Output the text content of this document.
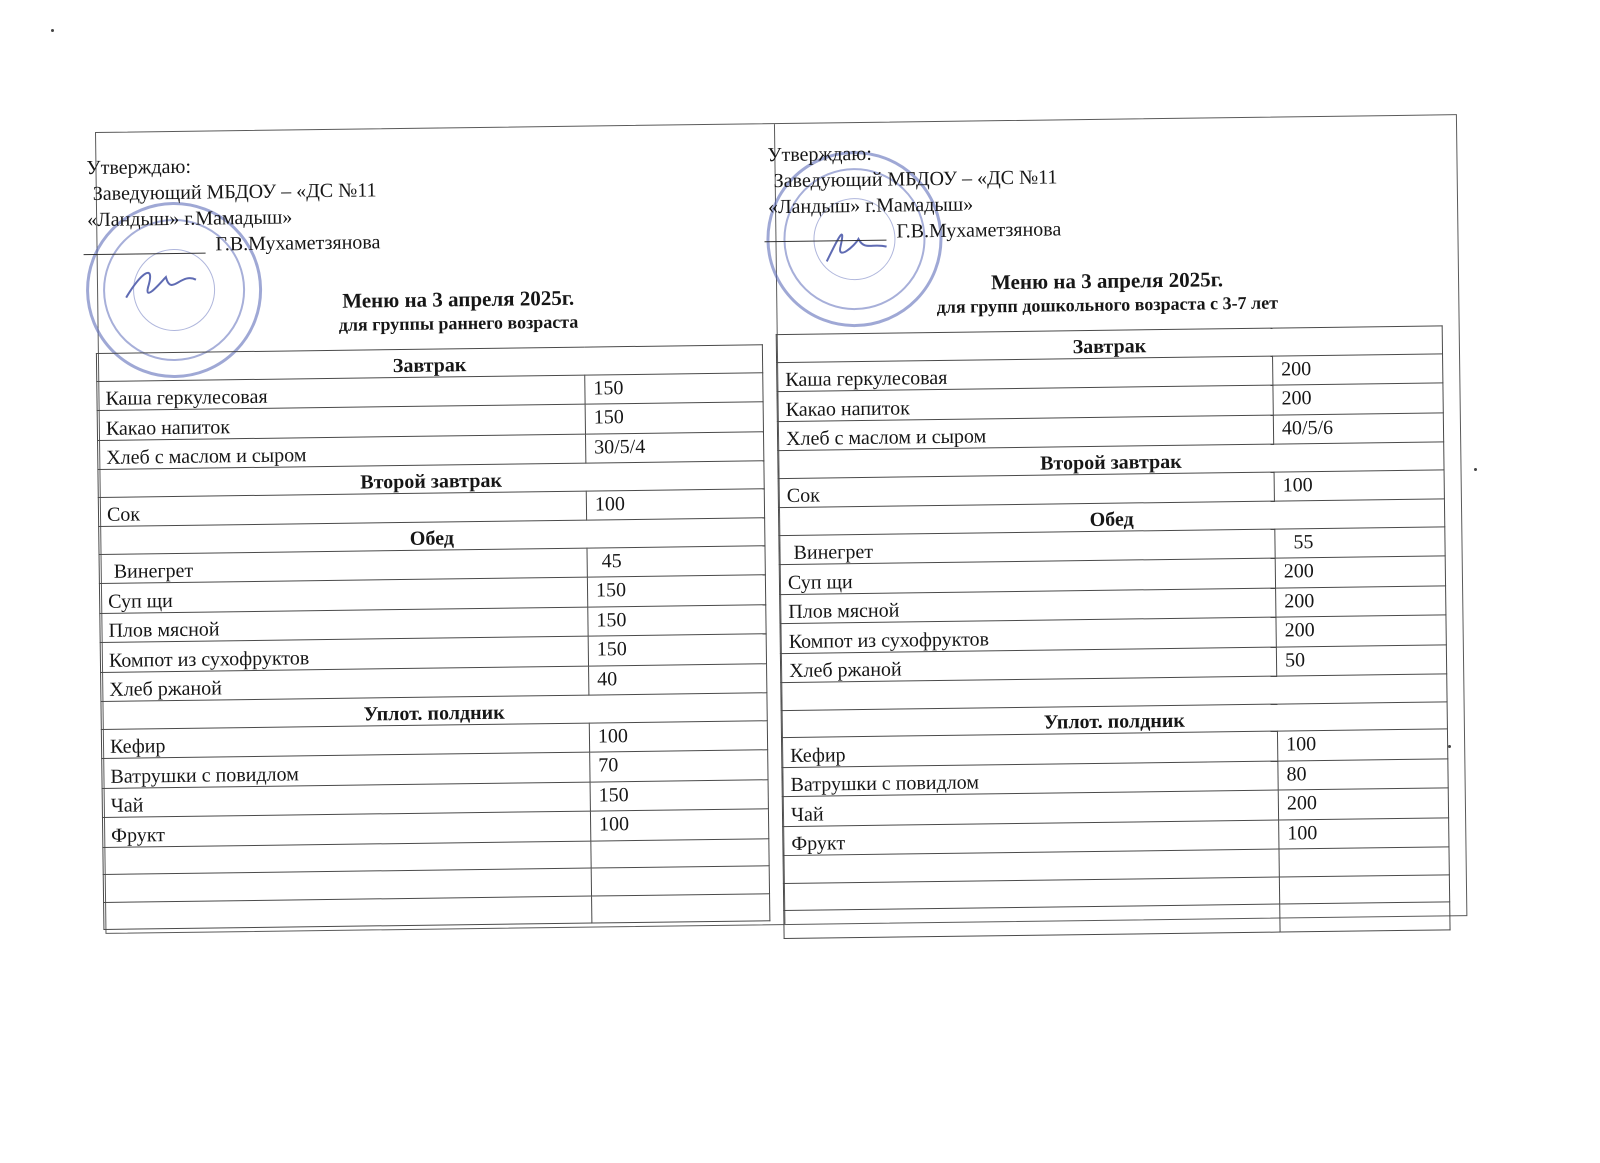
Утверждаю:
Заведующий МБДОУ – «ДС №11
«Ландыш» г.Мамадыш»
Г.В.Мухаметзянова
Меню на 3 апреля 2025г.
для группы раннего возраста
Завтрак	
Каша геркулесовая	150
Какао напиток	150
Хлеб с маслом и сыром	30/5/4
Второй завтрак	
Сок	100
Обед	
Винегрет	45
Суп щи	150
Плов мясной	150
Компот из сухофруктов	150
Хлеб ржаной	40
Уплот. полдник	
Кефир	100
Ватрушки с повидлом	70
Чай	150
Фрукт	100

Утверждаю:
Заведующий МБДОУ – «ДС №11
«Ландыш» г.Мамадыш»
Г.В.Мухаметзянова
Меню на 3 апреля 2025г.
для групп дошкольного возраста с 3-7 лет
Завтрак	
Каша геркулесовая	200
Какао напиток	200
Хлеб с маслом и сыром	40/5/6
Второй завтрак	
Сок	100
Обед	
Винегрет	55
Суп щи	200
Плов мясной	200
Компот из сухофруктов	200
Хлеб ржаной	50

Уплот. полдник	
Кефир	100
Ватрушки с повидлом	80
Чай	200
Фрукт	100
